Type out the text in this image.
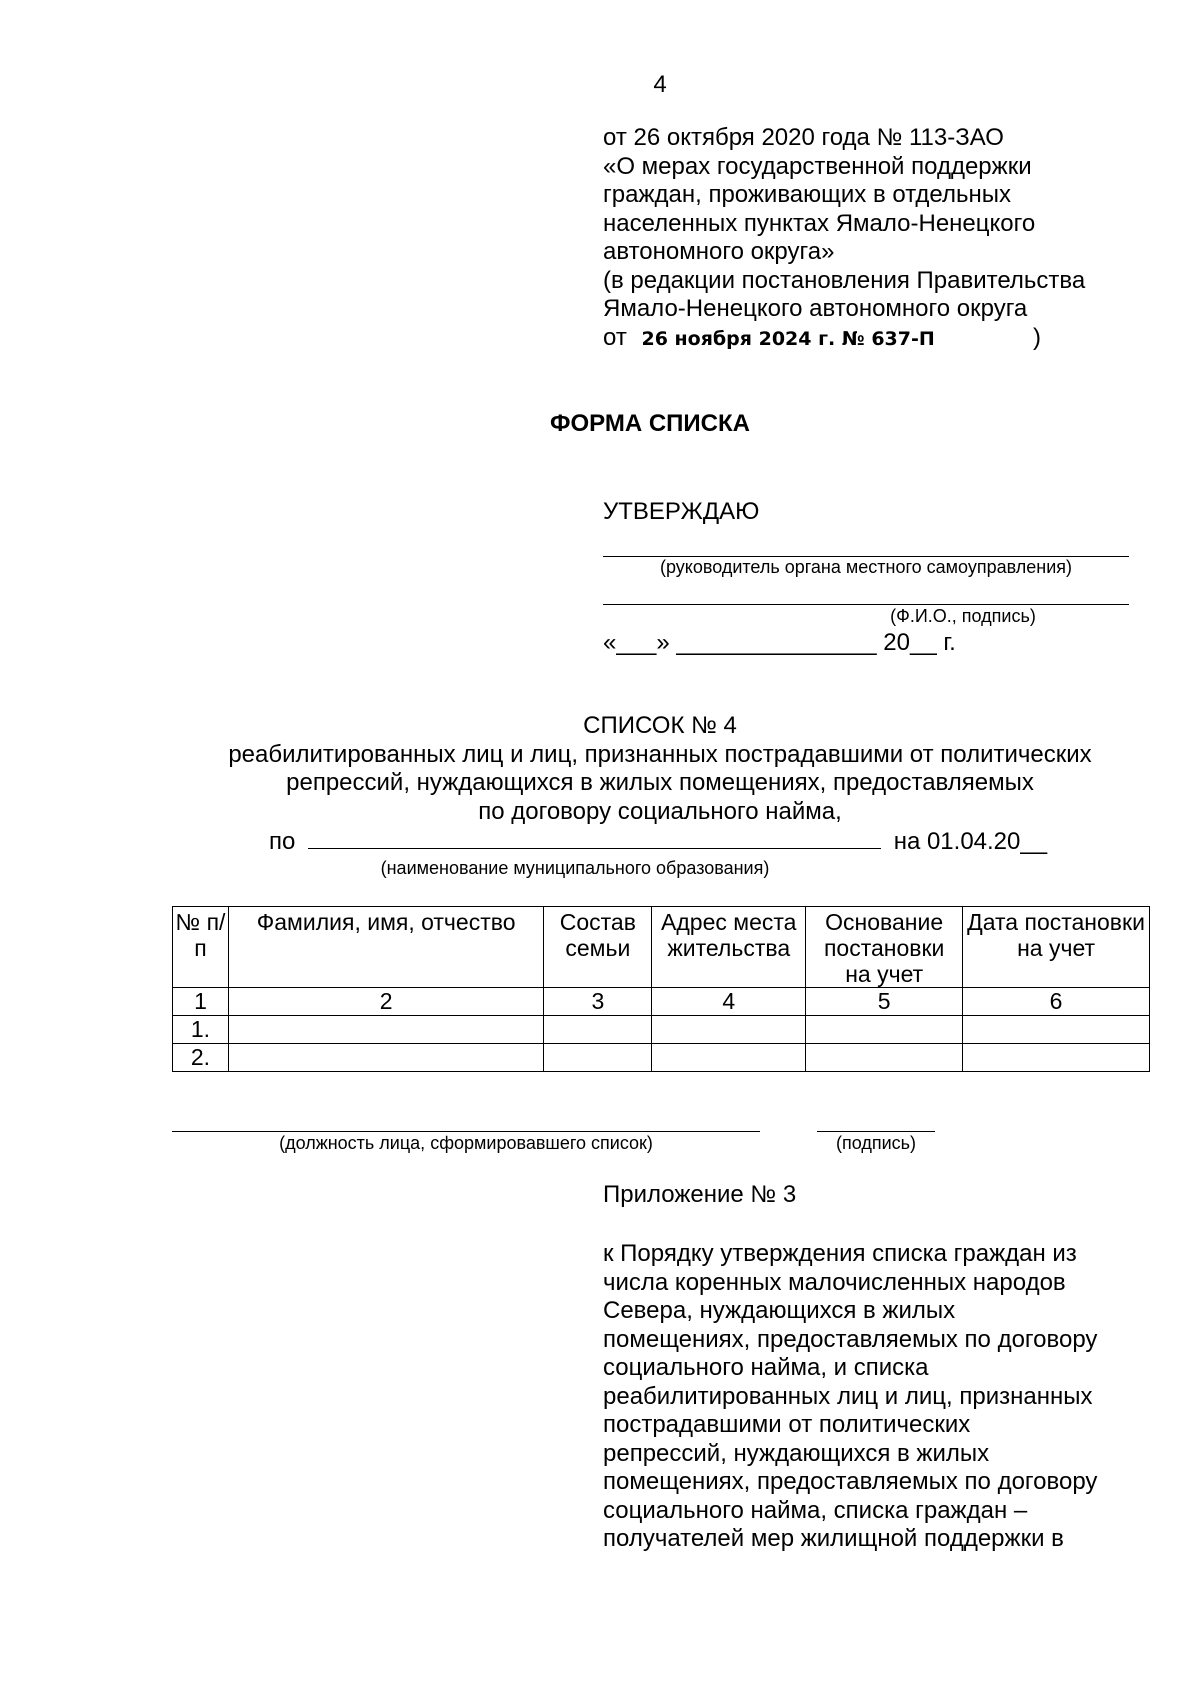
4
от 26 октября 2020 года № 113-ЗАО
«О мерах государственной поддержки
граждан, проживающих в отдельных
населенных пунктах Ямало-Ненецкого
автономного округа»
(в редакции постановления Правительства
Ямало-Ненецкого автономного округа
от 26 ноября 2024 г. № 637-П	)
ФОРМА СПИСКА
УТВЕРЖДАЮ
(руководитель органа местного самоуправления)
(Ф.И.О., подпись)
«___» _______________ 20__ г.
СПИСОК № 4
реабилитированных лиц и лиц, признанных пострадавшими от политических
репрессий, нуждающихся в жилых помещениях, предоставляемых
по договору социального найма,
по	на 01.04.20__
(наименование муниципального образования)
№ п/п	Фамилия, имя, отчество	Состав семьи	Адрес места жительства	Основание постановки на учет	Дата постановки на учет
1	2	3	4	5	6
1.					
2.					
(должность лица, сформировавшего список)	(подпись)
Приложение № 3
к Порядку утверждения списка граждан из
числа коренных малочисленных народов
Севера, нуждающихся в жилых
помещениях, предоставляемых по договору
социального найма, и списка
реабилитированных лиц и лиц, признанных
пострадавшими от политических
репрессий, нуждающихся в жилых
помещениях, предоставляемых по договору
социального найма, списка граждан –
получателей мер жилищной поддержки в
